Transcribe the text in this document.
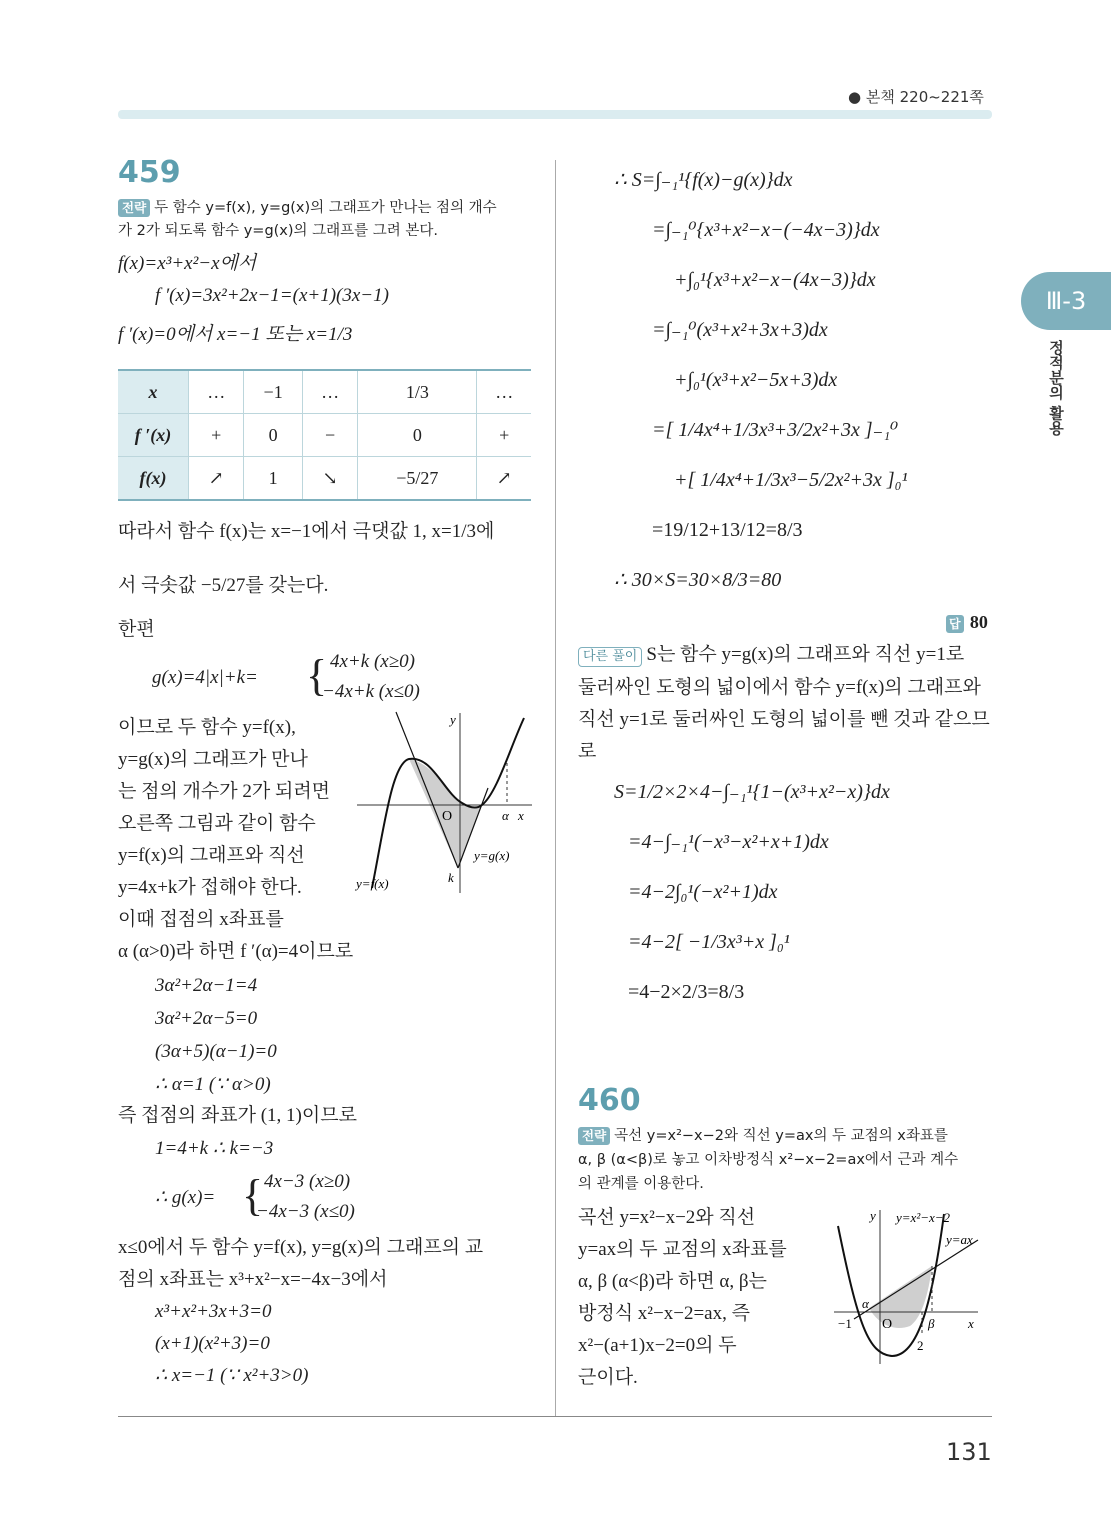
● 본책 220~221쪽
Ⅲ-3
정적분의 활용
131
459
전략 두 함수 y=f(x), y=g(x)의 그래프가 만나는 점의 개수
가 2가 되도록 함수 y=g(x)의 그래프를 그려 본다.
f(x)=x³+x²−x에서
f ′(x)=3x²+2x−1=(x+1)(3x−1)
f ′(x)=0에서 x=−1 또는 x=1/3
x	…	−1	…	1/3	…
f ′(x)	+	0	−	0	+
f(x)	↗	1	↘	−5/27	↗
따라서 함수 f(x)는 x=−1에서 극댓값 1, x=1/3에
서 극솟값 −5/27를 갖는다.
한편
g(x)=4|x|+k= { 4x+k (x≥0)
−4x+k (x≤0)
이므로 두 함수 y=f(x),
y=g(x)의 그래프가 만나
는 점의 개수가 2가 되려면
오른쪽 그림과 같이 함수
y=f(x)의 그래프와 직선
y=4x+k가 접해야 한다.
이때 접점의 x좌표를
α (α>0)라 하면 f ′(α)=4이므로
y
O	α x
y=g(x)
y=f(x)	k
3α²+2α−1=4
3α²+2α−5=0
(3α+5)(α−1)=0
∴ α=1 (∵ α>0)
즉 접점의 좌표가 (1, 1)이므로
1=4+k ∴ k=−3
∴ g(x)= { 4x−3 (x≥0)
−4x−3 (x≤0)
x≤0에서 두 함수 y=f(x), y=g(x)의 그래프의 교
점의 x좌표는 x³+x²−x=−4x−3에서
x³+x²+3x+3=0
(x+1)(x²+3)=0
∴ x=−1 (∵ x²+3>0)
∴ S=∫₋₁¹{f(x)−g(x)}dx
=∫₋₁⁰{x³+x²−x−(−4x−3)}dx
+∫₀¹{x³+x²−x−(4x−3)}dx
=∫₋₁⁰(x³+x²+3x+3)dx
+∫₀¹(x³+x²−5x+3)dx
=[ 1/4x⁴+1/3x³+3/2x²+3x ]₋₁⁰
+[ 1/4x⁴+1/3x³−5/2x²+3x ]₀¹
=19/12+13/12=8/3
∴ 30×S=30×8/3=80
답 80
다른 풀이 S는 함수 y=g(x)의 그래프와 직선 y=1로
둘러싸인 도형의 넓이에서 함수 y=f(x)의 그래프와
직선 y=1로 둘러싸인 도형의 넓이를 뺀 것과 같으므
로
S=1/2×2×4−∫₋₁¹{1−(x³+x²−x)}dx
=4−∫₋₁¹(−x³−x²+x+1)dx
=4−2∫₀¹(−x²+1)dx
=4−2[ −1/3x³+x ]₀¹
=4−2×2/3=8/3
460
전략 곡선 y=x²−x−2와 직선 y=ax의 두 교점의 x좌표를
α, β (α<β)로 놓고 이차방정식 x²−x−2=ax에서 근과 계수
의 관계를 이용한다.
곡선 y=x²−x−2와 직선
y=ax의 두 교점의 x좌표를
α, β (α<β)라 하면 α, β는
방정식 x²−x−2=ax, 즉
x²−(a+1)x−2=0의 두
근이다.
y y=x²−x−2
y=ax
α
−1 O	β	x
2
